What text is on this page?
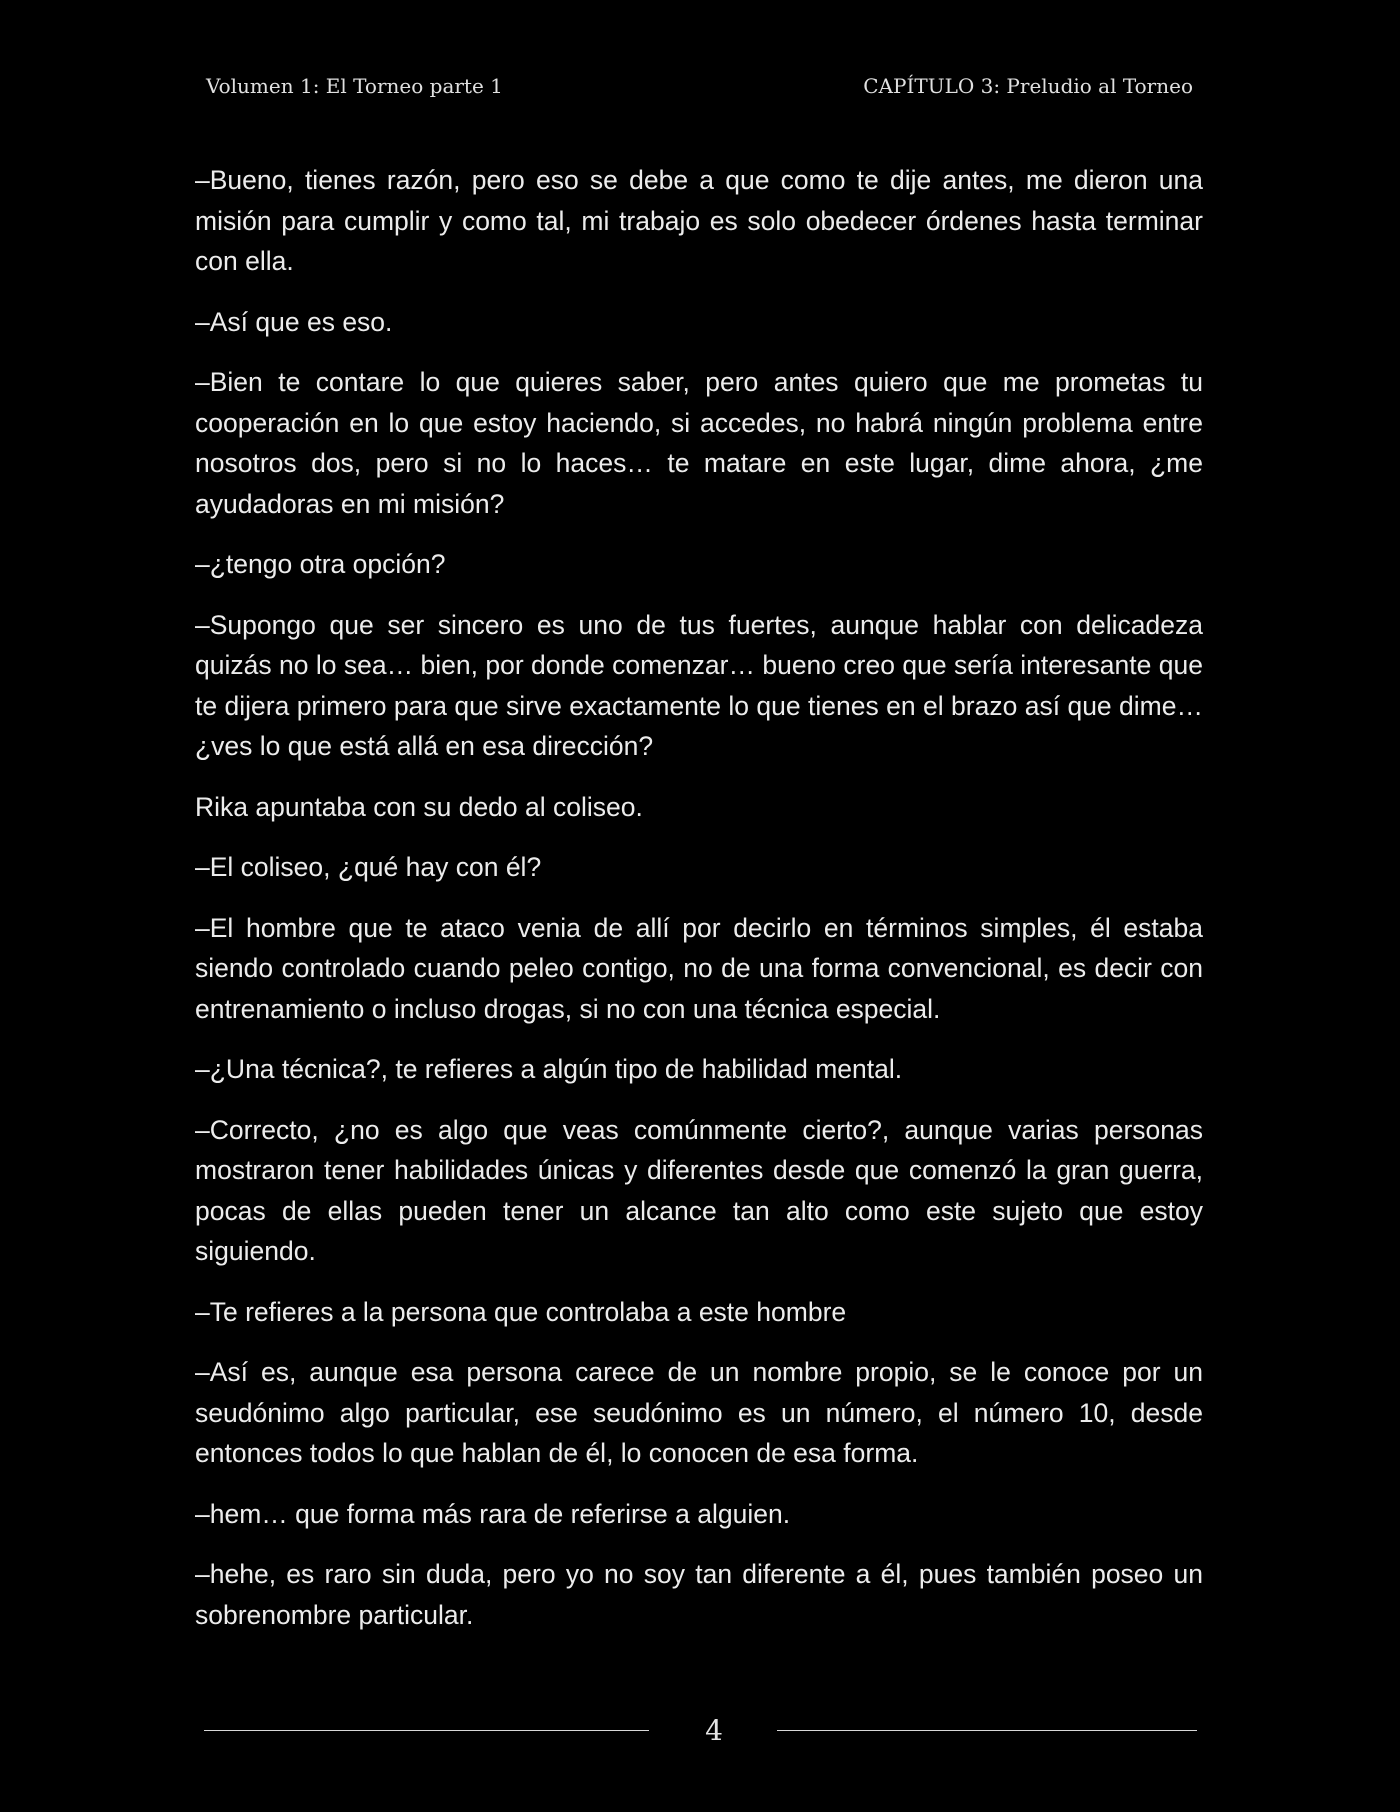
Volumen 1: El Torneo parte 1	CAPÍTULO 3: Preludio al Torneo

–Bueno, tienes razón, pero eso se debe a que como te dije antes, me dieron una misión para cumplir y como tal, mi trabajo es solo obedecer órdenes hasta terminar con ella.

–Así que es eso.

–Bien te contare lo que quieres saber, pero antes quiero que me prometas tu cooperación en lo que estoy haciendo, si accedes, no habrá ningún problema entre nosotros dos, pero si no lo haces… te matare en este lugar, dime ahora, ¿me ayudadoras en mi misión?

–¿tengo otra opción?

–Supongo que ser sincero es uno de tus fuertes, aunque hablar con delicadeza quizás no lo sea… bien, por donde comenzar… bueno creo que sería interesante que te dijera primero para que sirve exactamente lo que tienes en el brazo así que dime… ¿ves lo que está allá en esa dirección?

Rika apuntaba con su dedo al coliseo.

–El coliseo, ¿qué hay con él?

–El hombre que te ataco venia de allí por decirlo en términos simples, él estaba siendo controlado cuando peleo contigo, no de una forma convencional, es decir con entrenamiento o incluso drogas, si no con una técnica especial.

–¿Una técnica?, te refieres a algún tipo de habilidad mental.

–Correcto, ¿no es algo que veas comúnmente cierto?, aunque varias personas mostraron tener habilidades únicas y diferentes desde que comenzó la gran guerra, pocas de ellas pueden tener un alcance tan alto como este sujeto que estoy siguiendo.

–Te refieres a la persona que controlaba a este hombre

–Así es, aunque esa persona carece de un nombre propio, se le conoce por un seudónimo algo particular, ese seudónimo es un número, el número 10, desde entonces todos lo que hablan de él, lo conocen de esa forma.

–hem… que forma más rara de referirse a alguien.

–hehe, es raro sin duda, pero yo no soy tan diferente a él, pues también poseo un sobrenombre particular.

4
